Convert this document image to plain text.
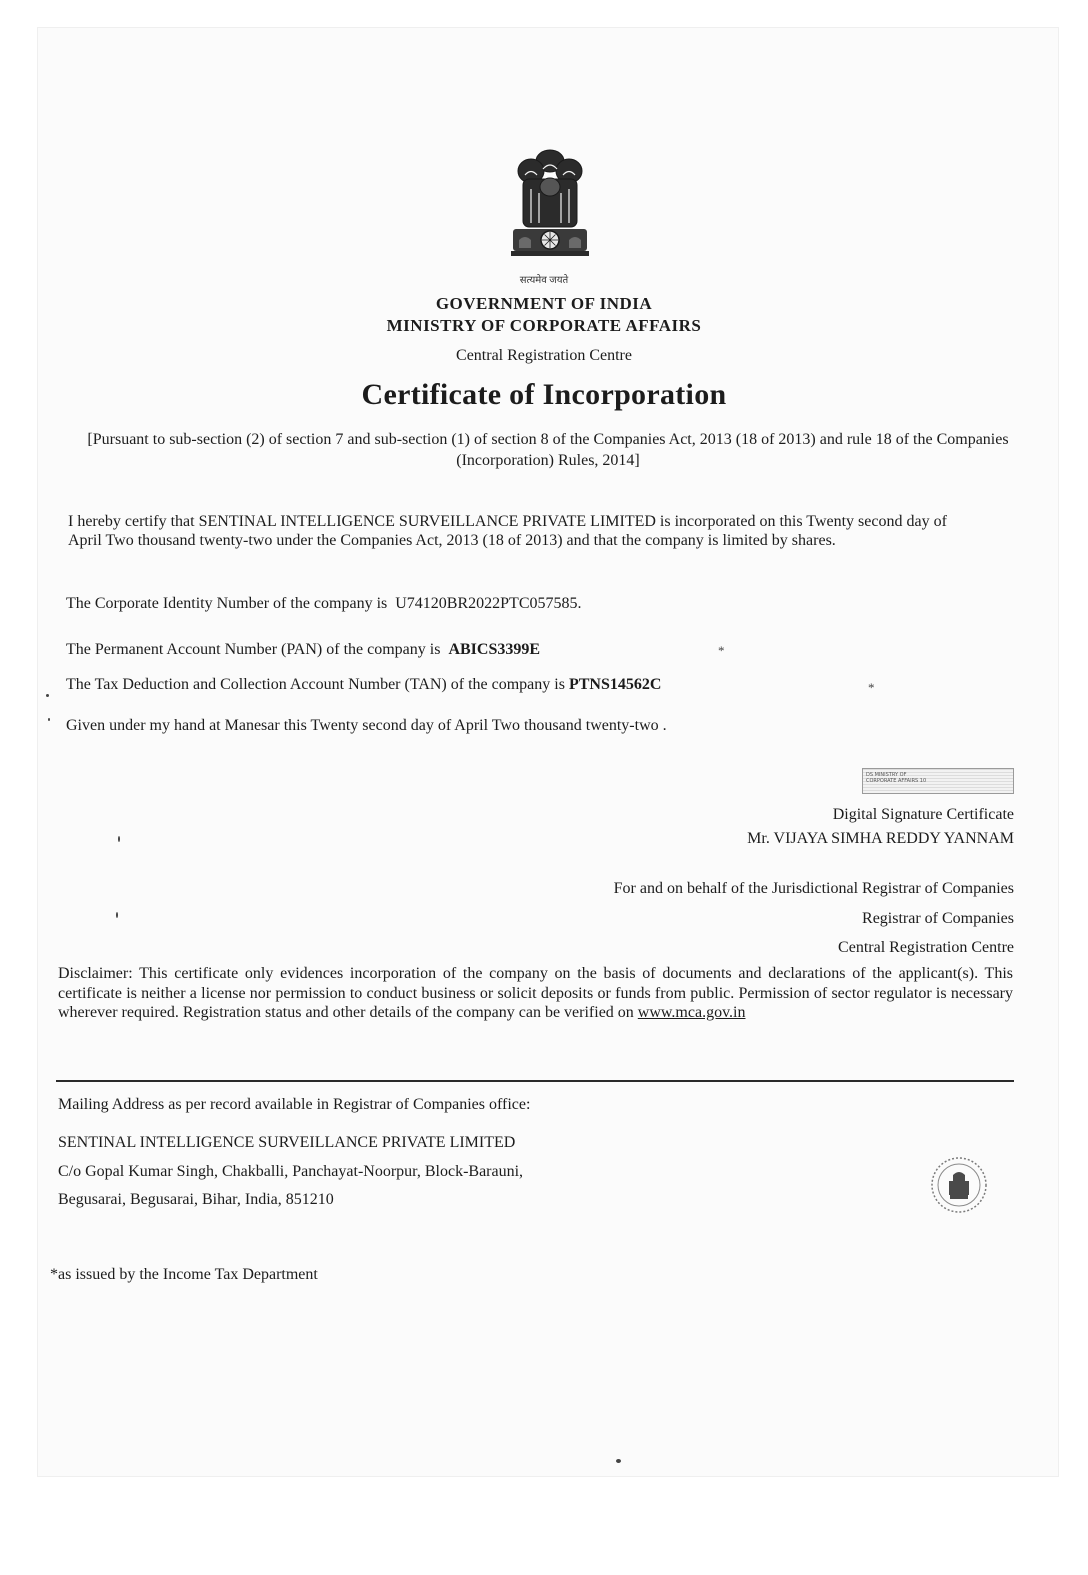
सत्यमेव जयते
GOVERNMENT OF INDIA
MINISTRY OF CORPORATE AFFAIRS
Central Registration Centre
Certificate of Incorporation
[Pursuant to sub-section (2) of section 7 and sub-section (1) of section 8 of the Companies Act, 2013 (18 of 2013) and rule 18 of the Companies (Incorporation) Rules, 2014]
I hereby certify that SENTINAL INTELLIGENCE SURVEILLANCE PRIVATE LIMITED is incorporated on this Twenty second day of April Two thousand twenty-two under the Companies Act, 2013 (18 of 2013) and that the company is limited by shares.
The Corporate Identity Number of the company is U74120BR2022PTC057585.
The Permanent Account Number (PAN) of the company is ABICS3399E	*
The Tax Deduction and Collection Account Number (TAN) of the company is PTNS14562C	*
Given under my hand at Manesar this Twenty second day of April Two thousand twenty-two .
DS MINISTRY OF
CORPORATE AFFAIRS 10
Digital Signature Certificate
Mr. VIJAYA SIMHA REDDY YANNAM
For and on behalf of the Jurisdictional Registrar of Companies
Registrar of Companies
Central Registration Centre
Disclaimer: This certificate only evidences incorporation of the company on the basis of documents and declarations of the applicant(s). This certificate is neither a license nor permission to conduct business or solicit deposits or funds from public. Permission of sector regulator is necessary wherever required. Registration status and other details of the company can be verified on www.mca.gov.in
Mailing Address as per record available in Registrar of Companies office:
SENTINAL INTELLIGENCE SURVEILLANCE PRIVATE LIMITED
C/o Gopal Kumar Singh, Chakballi, Panchayat-Noorpur, Block-Barauni,
Begusarai, Begusarai, Bihar, India, 851210
*as issued by the Income Tax Department
